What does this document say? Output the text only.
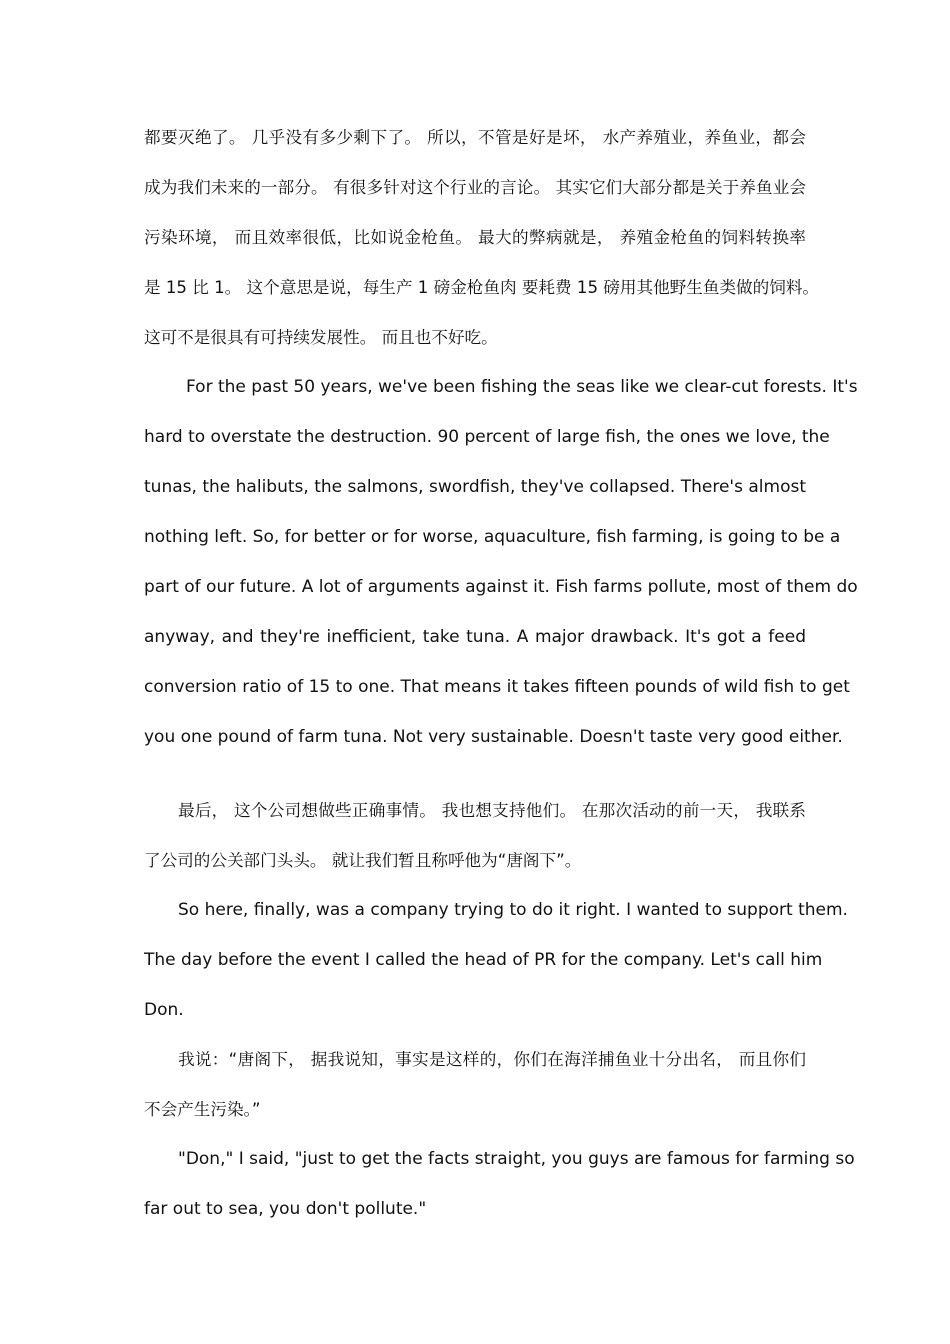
都要灭绝了。 几乎没有多少剩下了。 所以，不管是好是坏， 水产养殖业，养鱼业，都会
成为我们未来的一部分。 有很多针对这个行业的言论。 其实它们大部分都是关于养鱼业会
污染环境， 而且效率很低，比如说金枪鱼。 最大的弊病就是， 养殖金枪鱼的饲料转换率
是 15 比 1。 这个意思是说，每生产 1 磅金枪鱼肉 要耗费 15 磅用其他野生鱼类做的饲料。
这可不是很具有可持续发展性。 而且也不好吃。
For the past 50 years, we've been fishing the seas like we clear-cut forests. It's
hard to overstate the destruction. 90 percent of large fish, the ones we love, the
tunas, the halibuts, the salmons, swordfish, they've collapsed. There's almost
nothing left. So, for better or for worse, aquaculture, fish farming, is going to be a
part of our future. A lot of arguments against it. Fish farms pollute, most of them do
anyway, and they're inefficient, take tuna. A major drawback. It's got a feed
conversion ratio of 15 to one. That means it takes fifteen pounds of wild fish to get
you one pound of farm tuna. Not very sustainable. Doesn't taste very good either.
最后， 这个公司想做些正确事情。 我也想支持他们。 在那次活动的前一天， 我联系
了公司的公关部门头头。 就让我们暂且称呼他为“唐阁下”。
So here, finally, was a company trying to do it right. I wanted to support them.
The day before the event I called the head of PR for the company. Let's call him
Don.
我说：“唐阁下， 据我说知，事实是这样的，你们在海洋捕鱼业十分出名， 而且你们
不会产生污染。”
"Don," I said, "just to get the facts straight, you guys are famous for farming so
far out to sea, you don't pollute."
